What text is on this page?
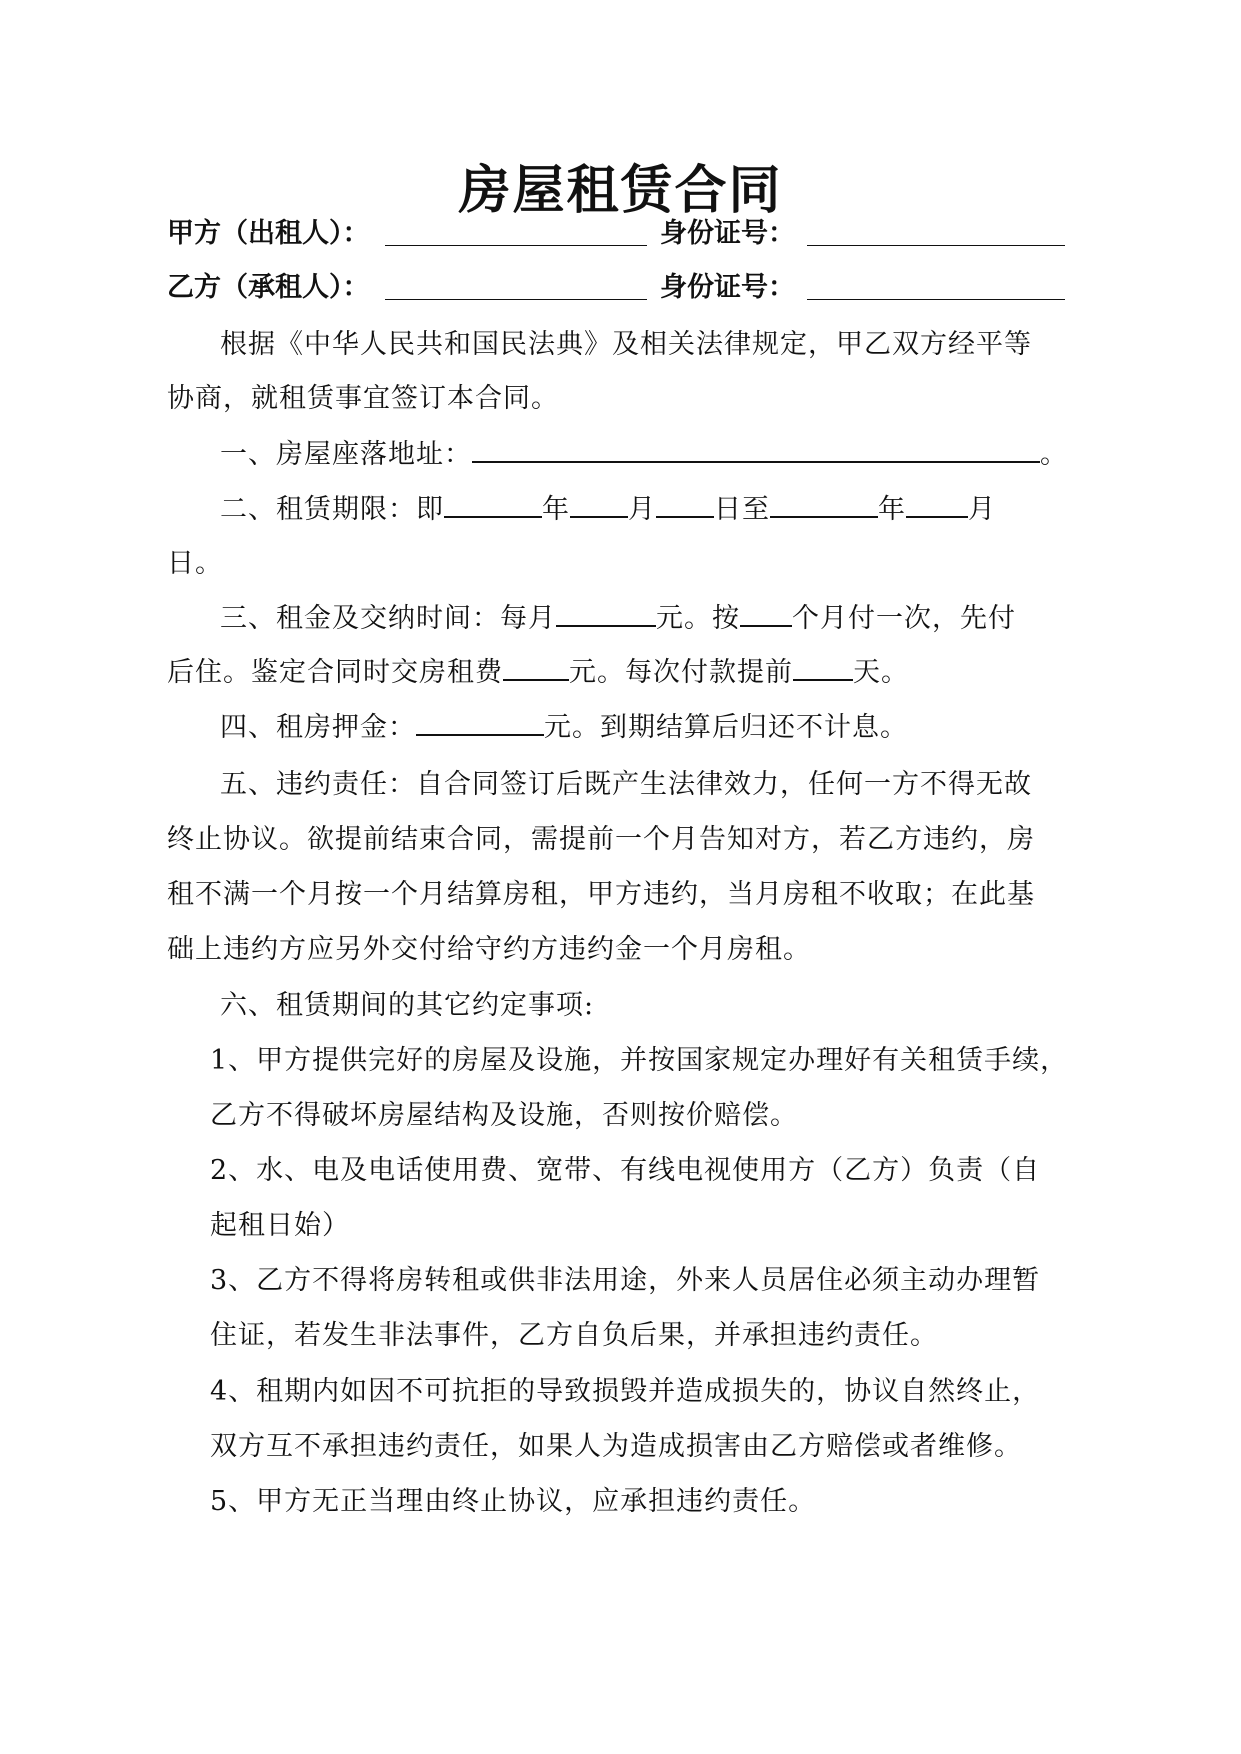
房屋租赁合同
甲方（出租人）：	身份证号：
乙方（承租人）：	身份证号：
根据《中华人民共和国民法典》及相关法律规定，甲乙双方经平等
协商，就租赁事宜签订本合同。
一、房屋座落地址：	。
二、租赁期限：即	年 月 日至	年 月
日。
三、租金及交纳时间：每月	元。按 个月付一次，先付
后住。鉴定合同时交房租费 元。每次付款提前 天。
四、租房押金：	元。到期结算后归还不计息。
五、违约责任：自合同签订后既产生法律效力，任何一方不得无故
终止协议。欲提前结束合同，需提前一个月告知对方，若乙方违约，房
租不满一个月按一个月结算房租，甲方违约，当月房租不收取；在此基
础上违约方应另外交付给守约方违约金一个月房租。
六、租赁期间的其它约定事项:
1、甲方提供完好的房屋及设施，并按国家规定办理好有关租赁手续，
乙方不得破坏房屋结构及设施，否则按价赔偿。
2、水、电及电话使用费、宽带、有线电视使用方（乙方）负责（自
起租日始）
3、乙方不得将房转租或供非法用途，外来人员居住必须主动办理暂
住证，若发生非法事件，乙方自负后果，并承担违约责任。
4、租期内如因不可抗拒的导致损毁并造成损失的，协议自然终止，
双方互不承担违约责任，如果人为造成损害由乙方赔偿或者维修。
5、甲方无正当理由终止协议，应承担违约责任。
